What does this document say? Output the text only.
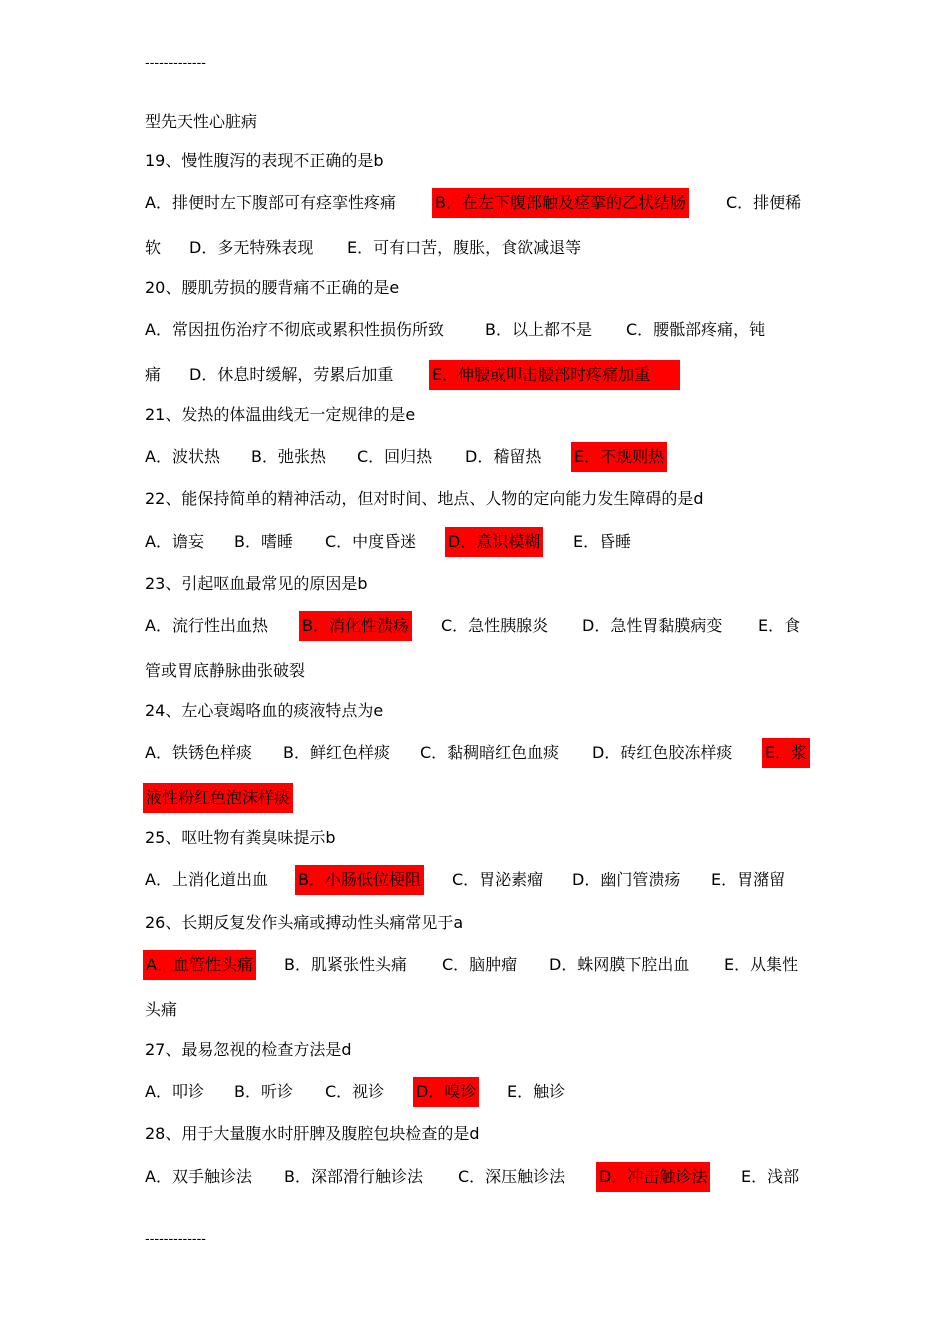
-------------
型先天性心脏病
19、慢性腹泻的表现不正确的是b
A．排便时左下腹部可有痉挛性疼痛 B．在左下腹部触及痉挛的乙状结肠	C．排便稀
软 D．多无特殊表现 E．可有口苦，腹胀，食欲减退等
20、腰肌劳损的腰背痛不正确的是e
A．常因扭伤治疗不彻底或累积性损伤所致	B．以上都不是 C．腰骶部疼痛，钝
痛 D．休息时缓解，劳累后加重 E．伸腰或叩击腰部时疼痛加重
21、发热的体温曲线无一定规律的是e
A．波状热 B．弛张热 C．回归热 D．稽留热 E．不规则热
22、能保持简单的精神活动，但对时间、地点、人物的定向能力发生障碍的是d
A．谵妄 B．嗜睡 C．中度昏迷 D．意识模糊 E．昏睡
23、引起呕血最常见的原因是b
A．流行性出血热 B．消化性溃疡 C．急性胰腺炎 D．急性胃黏膜病变 E．食
管或胃底静脉曲张破裂
24、左心衰竭咯血的痰液特点为e
A．铁锈色样痰 B．鲜红色样痰 C．黏稠暗红色血痰 D．砖红色胶冻样痰 E．浆
液性粉红色泡沫样痰
25、呕吐物有粪臭味提示b
A．上消化道出血 B．小肠低位梗阻 C．胃泌素瘤 D．幽门管溃疡 E．胃潴留
26、长期反复发作头痛或搏动性头痛常见于a
A．血管性头痛 B．肌紧张性头痛 C．脑肿瘤 D．蛛网膜下腔出血 E．从集性
头痛
27、最易忽视的检查方法是d
A．叩诊 B．听诊 C．视诊 D．嗅诊 E．触诊
28、用于大量腹水时肝脾及腹腔包块检查的是d
A．双手触诊法 B．深部滑行触诊法 C．深压触诊法 D．冲击触诊法 E．浅部
-------------
